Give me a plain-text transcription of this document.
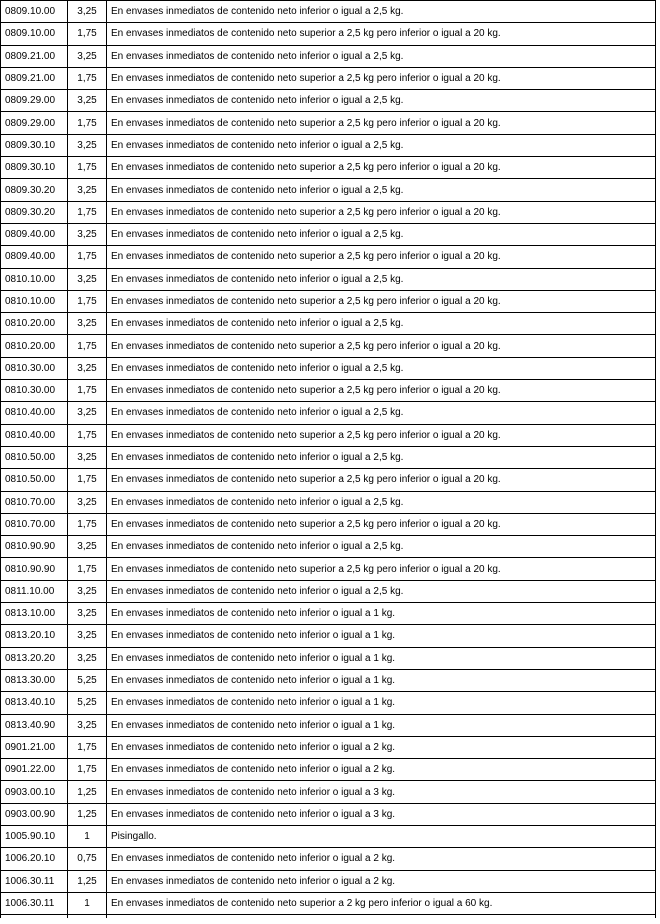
0809.10.00	3,25	En envases inmediatos de contenido neto inferior o igual a 2,5 kg.
0809.10.00	1,75	En envases inmediatos de contenido neto superior a 2,5 kg pero inferior o igual a 20 kg.
0809.21.00	3,25	En envases inmediatos de contenido neto inferior o igual a 2,5 kg.
0809.21.00	1,75	En envases inmediatos de contenido neto superior a 2,5 kg pero inferior o igual a 20 kg.
0809.29.00	3,25	En envases inmediatos de contenido neto inferior o igual a 2,5 kg.
0809.29.00	1,75	En envases inmediatos de contenido neto superior a 2,5 kg pero inferior o igual a 20 kg.
0809.30.10	3,25	En envases inmediatos de contenido neto inferior o igual a 2,5 kg.
0809.30.10	1,75	En envases inmediatos de contenido neto superior a 2,5 kg pero inferior o igual a 20 kg.
0809.30.20	3,25	En envases inmediatos de contenido neto inferior o igual a 2,5 kg.
0809.30.20	1,75	En envases inmediatos de contenido neto superior a 2,5 kg pero inferior o igual a 20 kg.
0809.40.00	3,25	En envases inmediatos de contenido neto inferior o igual a 2,5 kg.
0809.40.00	1,75	En envases inmediatos de contenido neto superior a 2,5 kg pero inferior o igual a 20 kg.
0810.10.00	3,25	En envases inmediatos de contenido neto inferior o igual a 2,5 kg.
0810.10.00	1,75	En envases inmediatos de contenido neto superior a 2,5 kg pero inferior o igual a 20 kg.
0810.20.00	3,25	En envases inmediatos de contenido neto inferior o igual a 2,5 kg.
0810.20.00	1,75	En envases inmediatos de contenido neto superior a 2,5 kg pero inferior o igual a 20 kg.
0810.30.00	3,25	En envases inmediatos de contenido neto inferior o igual a 2,5 kg.
0810.30.00	1,75	En envases inmediatos de contenido neto superior a 2,5 kg pero inferior o igual a 20 kg.
0810.40.00	3,25	En envases inmediatos de contenido neto inferior o igual a 2,5 kg.
0810.40.00	1,75	En envases inmediatos de contenido neto superior a 2,5 kg pero inferior o igual a 20 kg.
0810.50.00	3,25	En envases inmediatos de contenido neto inferior o igual a 2,5 kg.
0810.50.00	1,75	En envases inmediatos de contenido neto superior a 2,5 kg pero inferior o igual a 20 kg.
0810.70.00	3,25	En envases inmediatos de contenido neto inferior o igual a 2,5 kg.
0810.70.00	1,75	En envases inmediatos de contenido neto superior a 2,5 kg pero inferior o igual a 20 kg.
0810.90.90	3,25	En envases inmediatos de contenido neto inferior o igual a 2,5 kg.
0810.90.90	1,75	En envases inmediatos de contenido neto superior a 2,5 kg pero inferior o igual a 20 kg.
0811.10.00	3,25	En envases inmediatos de contenido neto inferior o igual a 2,5 kg.
0813.10.00	3,25	En envases inmediatos de contenido neto inferior o igual a 1 kg.
0813.20.10	3,25	En envases inmediatos de contenido neto inferior o igual a 1 kg.
0813.20.20	3,25	En envases inmediatos de contenido neto inferior o igual a 1 kg.
0813.30.00	5,25	En envases inmediatos de contenido neto inferior o igual a 1 kg.
0813.40.10	5,25	En envases inmediatos de contenido neto inferior o igual a 1 kg.
0813.40.90	3,25	En envases inmediatos de contenido neto inferior o igual a 1 kg.
0901.21.00	1,75	En envases inmediatos de contenido neto inferior o igual a 2 kg.
0901.22.00	1,75	En envases inmediatos de contenido neto inferior o igual a 2 kg.
0903.00.10	1,25	En envases inmediatos de contenido neto inferior o igual a 3 kg.
0903.00.90	1,25	En envases inmediatos de contenido neto inferior o igual a 3 kg.
1005.90.10	1	Pisingallo.
1006.20.10	0,75	En envases inmediatos de contenido neto inferior o igual a 2 kg.
1006.30.11	1,25	En envases inmediatos de contenido neto inferior o igual a 2 kg.
1006.30.11	1	En envases inmediatos de contenido neto superior a 2 kg pero inferior o igual a 60 kg.
